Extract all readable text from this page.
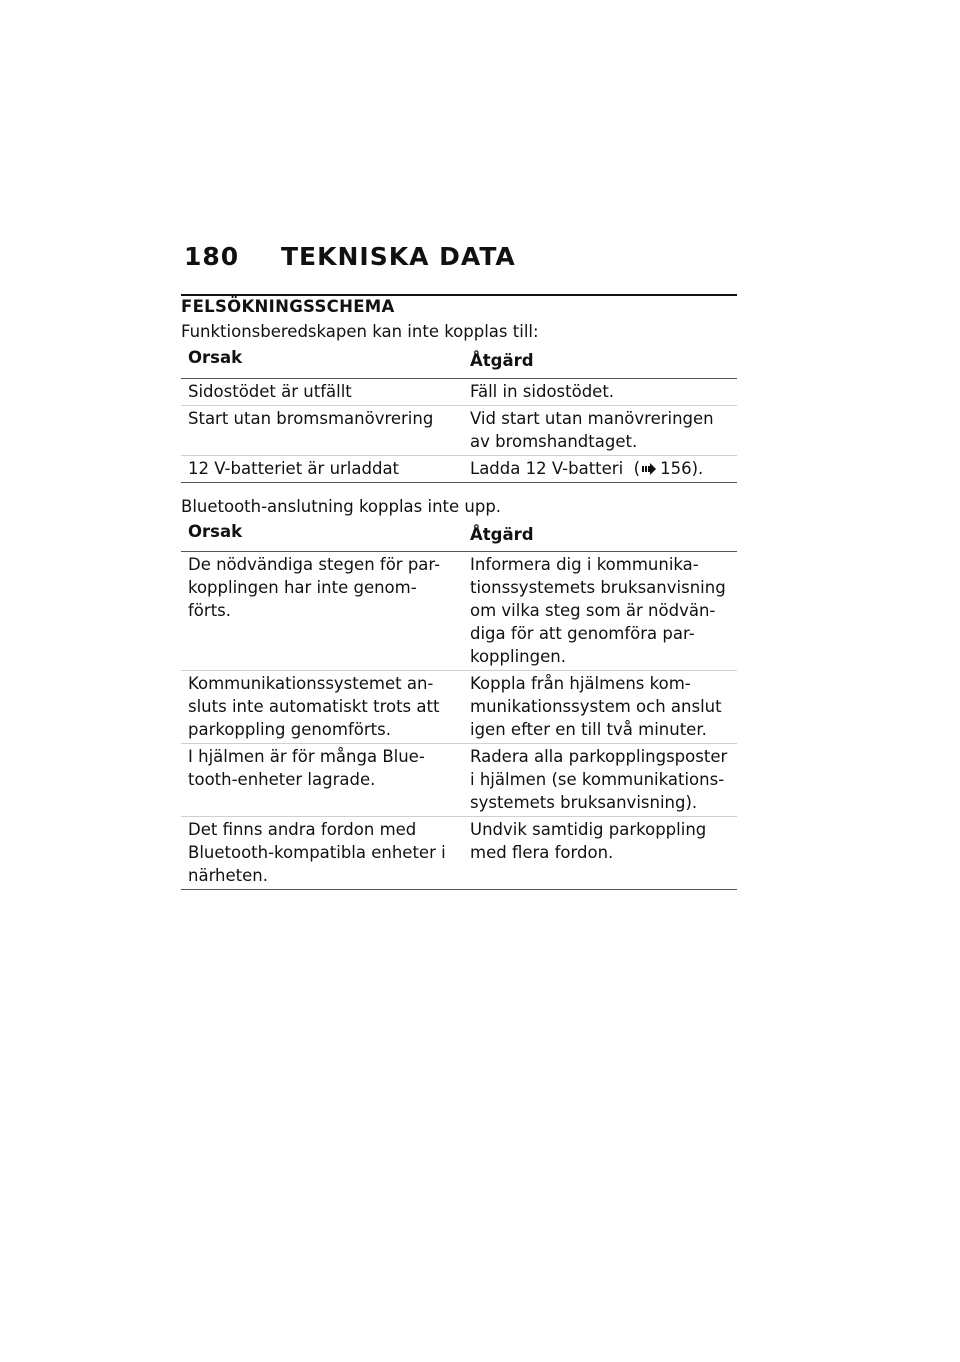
180 TEKNISKA DATA
FELSÖKNINGSSCHEMA
Funktionsberedskapen kan inte kopplas till:
Orsak	Åtgärd

Sidostödet är utfällt	Fäll in sidostödet.

Start utan bromsmanövrering	Vid start utan manövreringen
av bromshandtaget.

12 V-batteriet är urladdat	Ladda 12 V-batteri  ( 156).
Bluetooth-anslutning kopplas inte upp.
Orsak	Åtgärd

De nödvändiga stegen för par-
kopplingen har inte genom-
förts.	Informera dig i kommunika-
tionssystemets bruksanvisning
om vilka steg som är nödvän-
diga för att genomföra par-
kopplingen.

Kommunikationssystemet an-
sluts inte automatiskt trots att
parkoppling genomförts.	Koppla från hjälmens kom-
munikationssystem och anslut
igen efter en till två minuter.

I hjälmen är för många Blue-
tooth-enheter lagrade.	Radera alla parkopplingsposter
i hjälmen (se kommunikations-
systemets bruksanvisning).

Det finns andra fordon med
Bluetooth-kompatibla enheter i
närheten.	Undvik samtidig parkoppling
med flera fordon.
